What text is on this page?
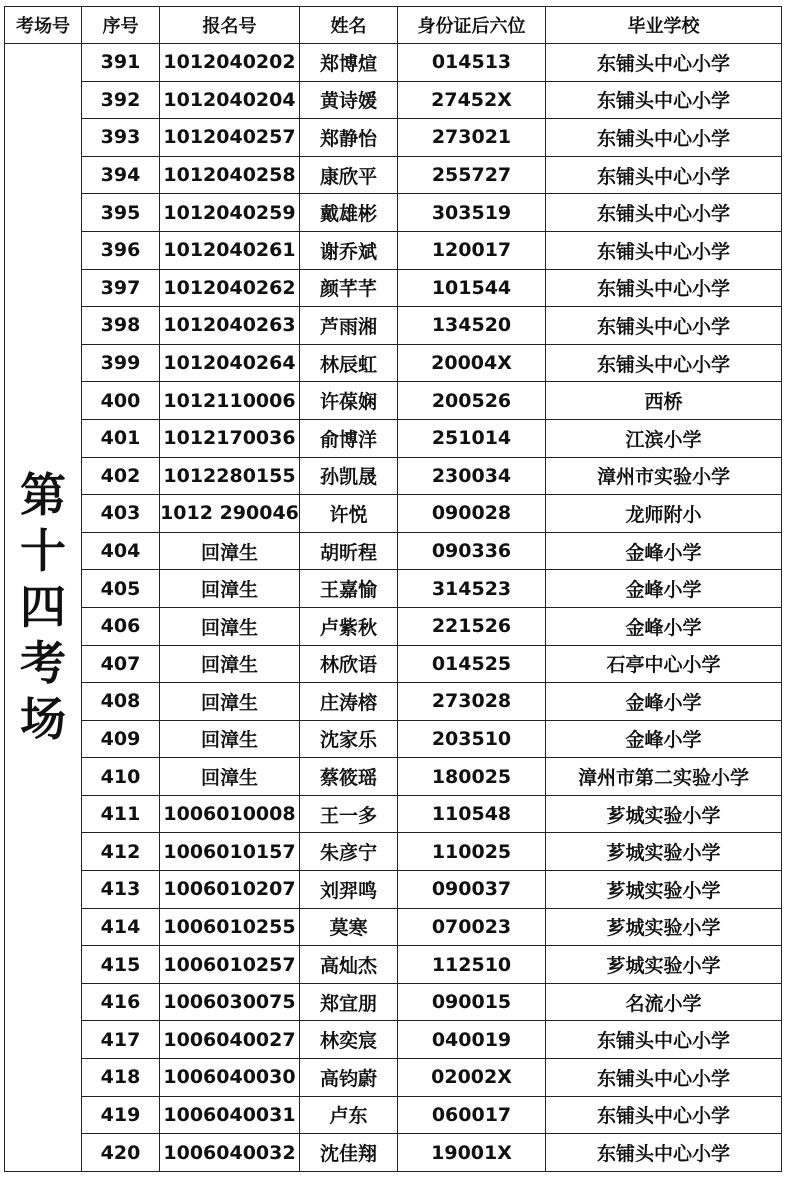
考场号	序号	报名号	姓名	身份证后六位	毕业学校
第十四考场	391	1012040202	郑博煊	014513	东铺头中心小学
	392	1012040204	黄诗媛	27452X	东铺头中心小学
	393	1012040257	郑静怡	273021	东铺头中心小学
	394	1012040258	康欣平	255727	东铺头中心小学
	395	1012040259	戴雄彬	303519	东铺头中心小学
	396	1012040261	谢乔斌	120017	东铺头中心小学
	397	1012040262	颜芊芊	101544	东铺头中心小学
	398	1012040263	芦雨湘	134520	东铺头中心小学
	399	1012040264	林辰虹	20004X	东铺头中心小学
	400	1012110006	许葆娴	200526	西桥
	401	1012170036	俞博洋	251014	江滨小学
	402	1012280155	孙凯晟	230034	漳州市实验小学
	403	1012 290046	许悦	090028	龙师附小
	404	回漳生	胡昕程	090336	金峰小学
	405	回漳生	王嘉愉	314523	金峰小学
	406	回漳生	卢紫秋	221526	金峰小学
	407	回漳生	林欣语	014525	石亭中心小学
	408	回漳生	庄涛榕	273028	金峰小学
	409	回漳生	沈家乐	203510	金峰小学
	410	回漳生	蔡筱瑶	180025	漳州市第二实验小学
	411	1006010008	王一多	110548	芗城实验小学
	412	1006010157	朱彦宁	110025	芗城实验小学
	413	1006010207	刘羿鸣	090037	芗城实验小学
	414	1006010255	莫寒	070023	芗城实验小学
	415	1006010257	高灿杰	112510	芗城实验小学
	416	1006030075	郑宜朋	090015	名流小学
	417	1006040027	林奕宸	040019	东铺头中心小学
	418	1006040030	高钧蔚	02002X	东铺头中心小学
	419	1006040031	卢东	060017	东铺头中心小学
	420	1006040032	沈佳翔	19001X	东铺头中心小学
